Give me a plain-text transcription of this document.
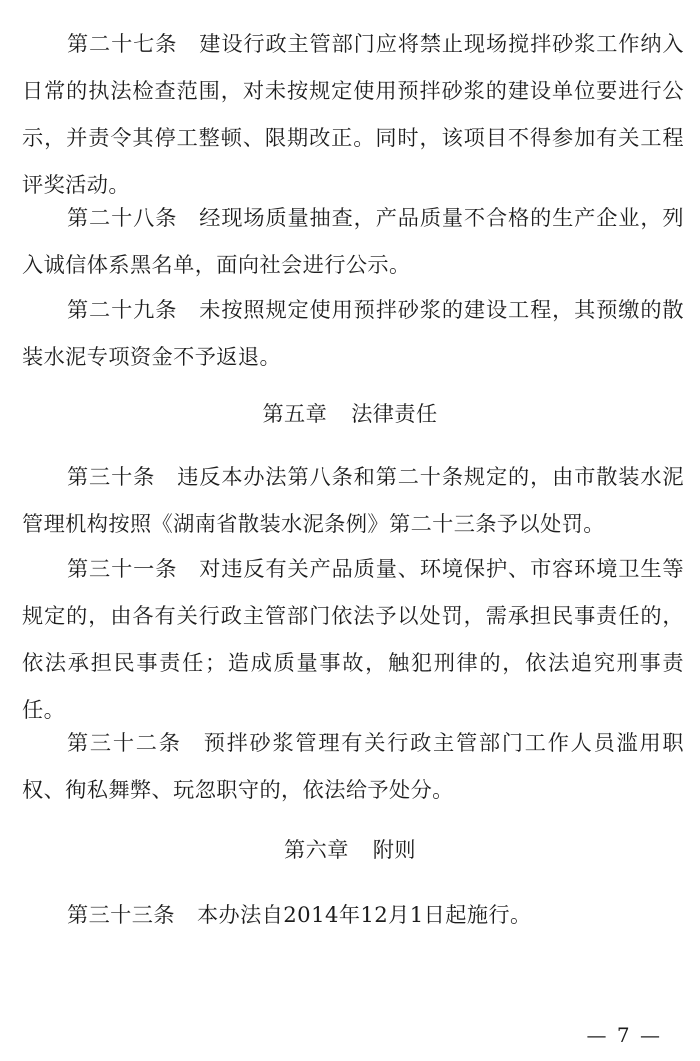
第二十七条 建设行政主管部门应将禁止现场搅拌砂浆工作纳入日常的执法检查范围，对未按规定使用预拌砂浆的建设单位要进行公示，并责令其停工整顿、限期改正。同时，该项目不得参加有关工程评奖活动。

第二十八条 经现场质量抽查，产品质量不合格的生产企业，列入诚信体系黑名单，面向社会进行公示。

第二十九条 未按照规定使用预拌砂浆的建设工程，其预缴的散装水泥专项资金不予返退。

第五章 法律责任

第三十条 违反本办法第八条和第二十条规定的，由市散装水泥管理机构按照《湖南省散装水泥条例》第二十三条予以处罚。

第三十一条 对违反有关产品质量、环境保护、市容环境卫生等规定的，由各有关行政主管部门依法予以处罚，需承担民事责任的，依法承担民事责任；造成质量事故，触犯刑律的，依法追究刑事责任。

第三十二条 预拌砂浆管理有关行政主管部门工作人员滥用职权、徇私舞弊、玩忽职守的，依法给予处分。

第六章 附则

第三十三条 本办法自2014年12月1日起施行。

— 7 —
